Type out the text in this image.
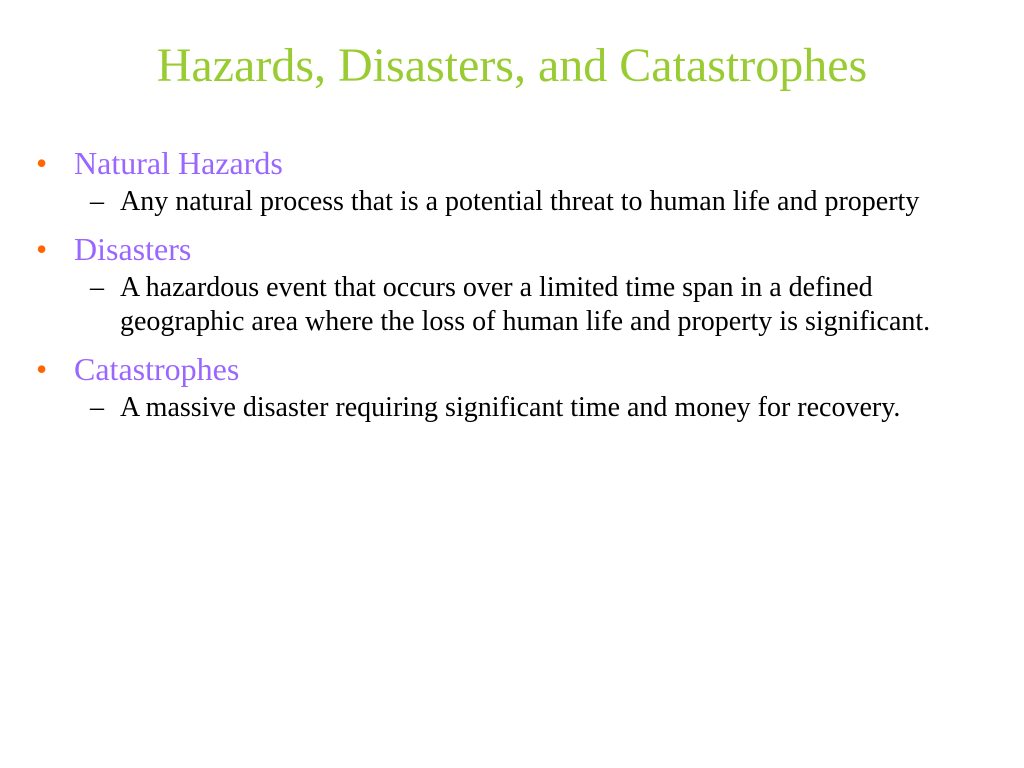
Hazards, Disasters, and Catastrophes
• Natural Hazards
– Any natural process that is a potential threat to human life and property
• Disasters
– A hazardous event that occurs over a limited time span in a defined geographic area where the loss of human life and property is significant.
• Catastrophes
– A massive disaster requiring significant time and money for recovery.
